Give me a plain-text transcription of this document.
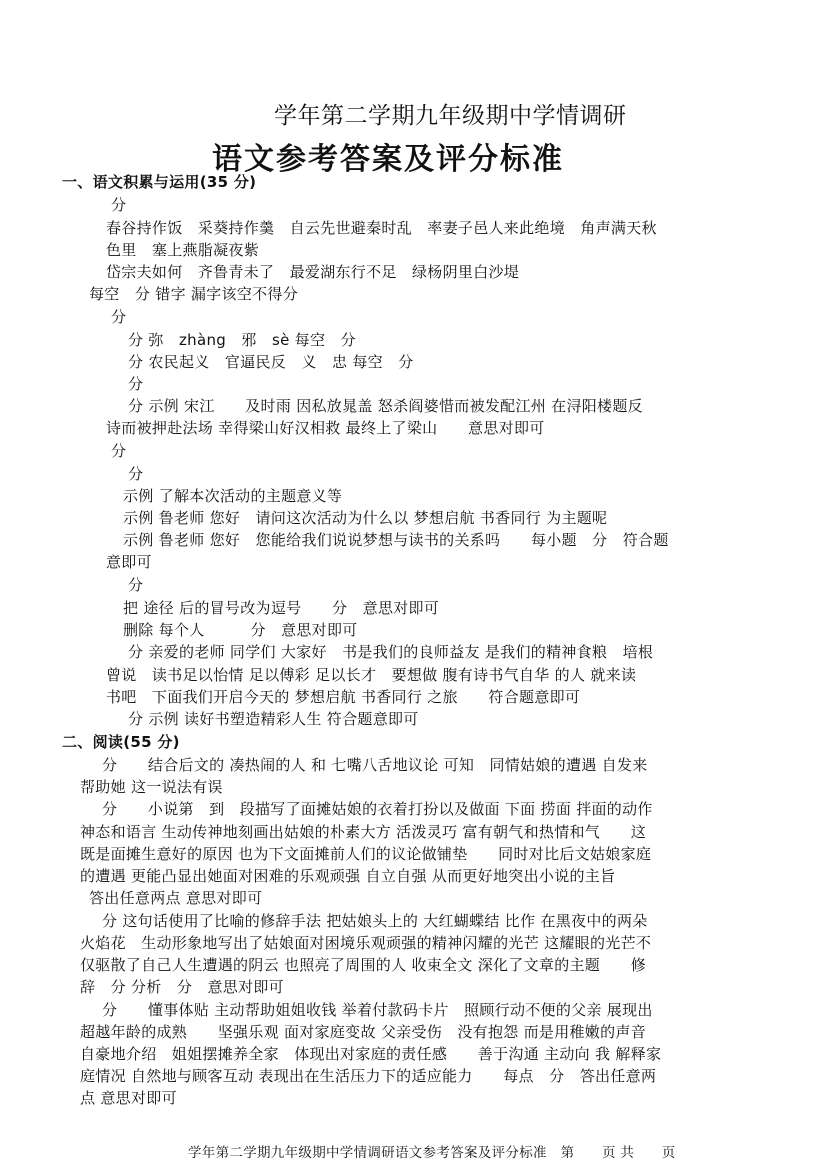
学年第二学期九年级期中学情调研
语文参考答案及评分标准
一、语文积累与运用(35 分)
分
春谷持作饭　采葵持作羹　自云先世避秦时乱　率妻子邑人来此绝境　角声满天秋
色里　塞上燕脂凝夜紫
岱宗夫如何　齐鲁青未了　最爱湖东行不足　绿杨阴里白沙堤
每空　分 错字 漏字该空不得分
分
分 弥　zhàng　邪　sè 每空　分
分 农民起义　官逼民反　义　忠 每空　分
分
分 示例 宋江　　及时雨 因私放晁盖 怒杀阎婆惜而被发配江州 在浔阳楼题反
诗而被押赴法场 幸得梁山好汉相救 最终上了梁山　　意思对即可
分
分
示例 了解本次活动的主题意义等
示例 鲁老师 您好　请问这次活动为什么以 梦想启航 书香同行 为主题呢
示例 鲁老师 您好　您能给我们说说梦想与读书的关系吗　　每小题　分　符合题
意即可
分
把 途径 后的冒号改为逗号　　分　意思对即可
删除 每个人　　　分　意思对即可
分 亲爱的老师 同学们 大家好　书是我们的良师益友 是我们的精神食粮　培根
曾说　读书足以怡情 足以傅彩 足以长才　要想做 腹有诗书气自华 的人 就来读
书吧　下面我们开启今天的 梦想启航 书香同行 之旅　　符合题意即可
分 示例 读好书塑造精彩人生 符合题意即可
二、阅读(55 分)
分　　结合后文的 凑热闹的人 和 七嘴八舌地议论 可知　同情姑娘的遭遇 自发来
帮助她 这一说法有误
分　　小说第　到　段描写了面摊姑娘的衣着打扮以及做面 下面 捞面 拌面的动作
神态和语言 生动传神地刻画出姑娘的朴素大方 活泼灵巧 富有朝气和热情和气　　这
既是面摊生意好的原因 也为下文面摊前人们的议论做铺垫　　同时对比后文姑娘家庭
的遭遇 更能凸显出她面对困难的乐观顽强 自立自强 从而更好地突出小说的主旨
答出任意两点 意思对即可
分 这句话使用了比喻的修辞手法 把姑娘头上的 大红蝴蝶结 比作 在黑夜中的两朵
火焰花　生动形象地写出了姑娘面对困境乐观顽强的精神闪耀的光芒 这耀眼的光芒不
仅驱散了自己人生遭遇的阴云 也照亮了周围的人 收束全文 深化了文章的主题　　修
辞　分 分析　分　意思对即可
分　　懂事体贴 主动帮助姐姐收钱 举着付款码卡片　照顾行动不便的父亲 展现出
超越年龄的成熟　　坚强乐观 面对家庭变故 父亲受伤　没有抱怨 而是用稚嫩的声音
自豪地介绍　姐姐摆摊养全家　体现出对家庭的责任感　　善于沟通 主动向 我 解释家
庭情况 自然地与顾客互动 表现出在生活压力下的适应能力　　每点　分　答出任意两
点 意思对即可
学年第二学期九年级期中学情调研语文参考答案及评分标准　第　　页 共　　页
